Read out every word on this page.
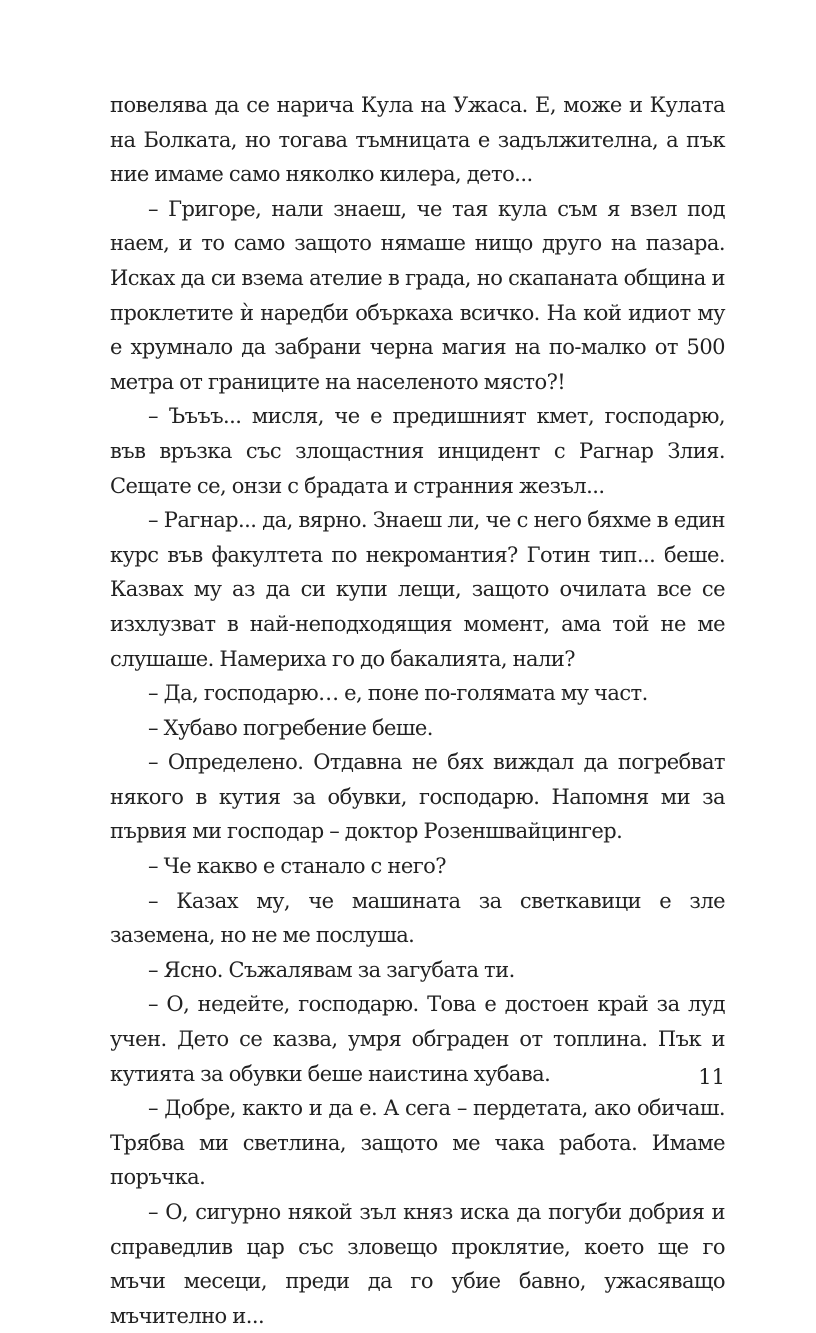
повелява да се нарича Кула на Ужаса. Е, може и Кулата на Болката, но тогава тъмницата е задължителна, а пък ние имаме само няколко килера, дето...

– Григоре, нали знаеш, че тая кула съм я взел под наем, и то само защото нямаше нищо друго на пазара. Исках да си взема ателие в града, но скапаната община и проклетите ѝ наредби объркаха всичко. На кой идиот му е хрумнало да забрани черна магия на по-малко от 500 метра от границите на населеното място?!

– Ъъъъ... мисля, че е предишният кмет, господарю, във връзка със злощастния инцидент с Рагнар Злия. Сещате се, онзи с брадата и странния жезъл...

– Рагнар... да, вярно. Знаеш ли, че с него бяхме в един курс във факултета по некромантия? Готин тип... беше. Казвах му аз да си купи лещи, защото очилата все се изхлузват в най-неподходящия момент, ама той не ме слушаше. Намериха го до бакалията, нали?

– Да, господарю… е, поне по-голямата му част.

– Хубаво погребение беше.

– Определено. Отдавна не бях виждал да погребват някого в кутия за обувки, господарю. Напомня ми за първия ми господар – доктор Розеншвайцингер.

– Че какво е станало с него?

– Казах му, че машината за светкавици е зле заземена, но не ме послуша.

– Ясно. Съжалявам за загубата ти.

– О, недейте, господарю. Това е достоен край за луд учен. Дето се казва, умря обграден от топлина. Пък и кутията за обувки беше наистина хубава.

– Добре, както и да е. А сега – пердетата, ако обичаш. Трябва ми светлина, защото ме чака работа. Имаме поръчка.

– О, сигурно някой зъл княз иска да погуби добрия и справедлив цар със зловещо проклятие, което ще го мъчи месеци, преди да го убие бавно, ужасяващо мъчително и...

11
